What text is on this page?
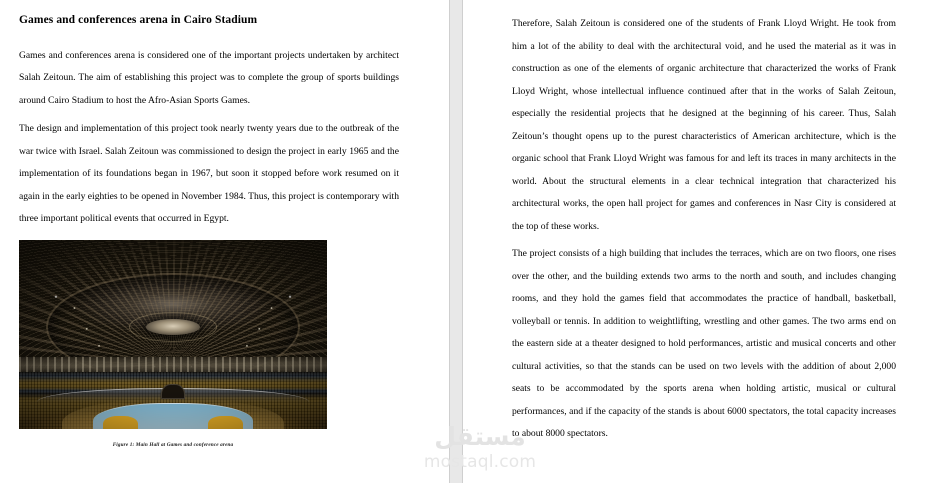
Games and conferences arena in Cairo Stadium

Games and conferences arena is considered one of the important projects undertaken by architect Salah Zeitoun. The aim of establishing this project was to complete the group of sports buildings around Cairo Stadium to host the Afro-Asian Sports Games.

The design and implementation of this project took nearly twenty years due to the outbreak of the war twice with Israel. Salah Zeitoun was commissioned to design the project in early 1965 and the implementation of its foundations began in 1967, but soon it stopped before work resumed on it again in the early eighties to be opened in November 1984. Thus, this project is contemporary with three important political events that occurred in Egypt.

Figure 1: Main Hall at Games and conference arena

Therefore, Salah Zeitoun is considered one of the students of Frank Lloyd Wright. He took from him a lot of the ability to deal with the architectural void, and he used the material as it was in construction as one of the elements of organic architecture that characterized the works of Frank Lloyd Wright, whose intellectual influence continued after that in the works of Salah Zeitoun, especially the residential projects that he designed at the beginning of his career. Thus, Salah Zeitoun’s thought opens up to the purest characteristics of American architecture, which is the organic school that Frank Lloyd Wright was famous for and left its traces in many architects in the world. About the structural elements in a clear technical integration that characterized his architectural works, the open hall project for games and conferences in Nasr City is considered at the top of these works.

The project consists of a high building that includes the terraces, which are on two floors, one rises over the other, and the building extends two arms to the north and south, and includes changing rooms, and they hold the games field that accommodates the practice of handball, basketball, volleyball or tennis. In addition to weightlifting, wrestling and other games. The two arms end on the eastern side at a theater designed to hold performances, artistic and musical concerts and other cultural activities, so that the stands can be used on two levels with the addition of about 2,000 seats to be accommodated by the sports arena when holding artistic, musical or cultural performances, and if the capacity of the stands is about 6000 spectators, the total capacity increases to about 8000 spectators.

مستقل
mostaql.com
